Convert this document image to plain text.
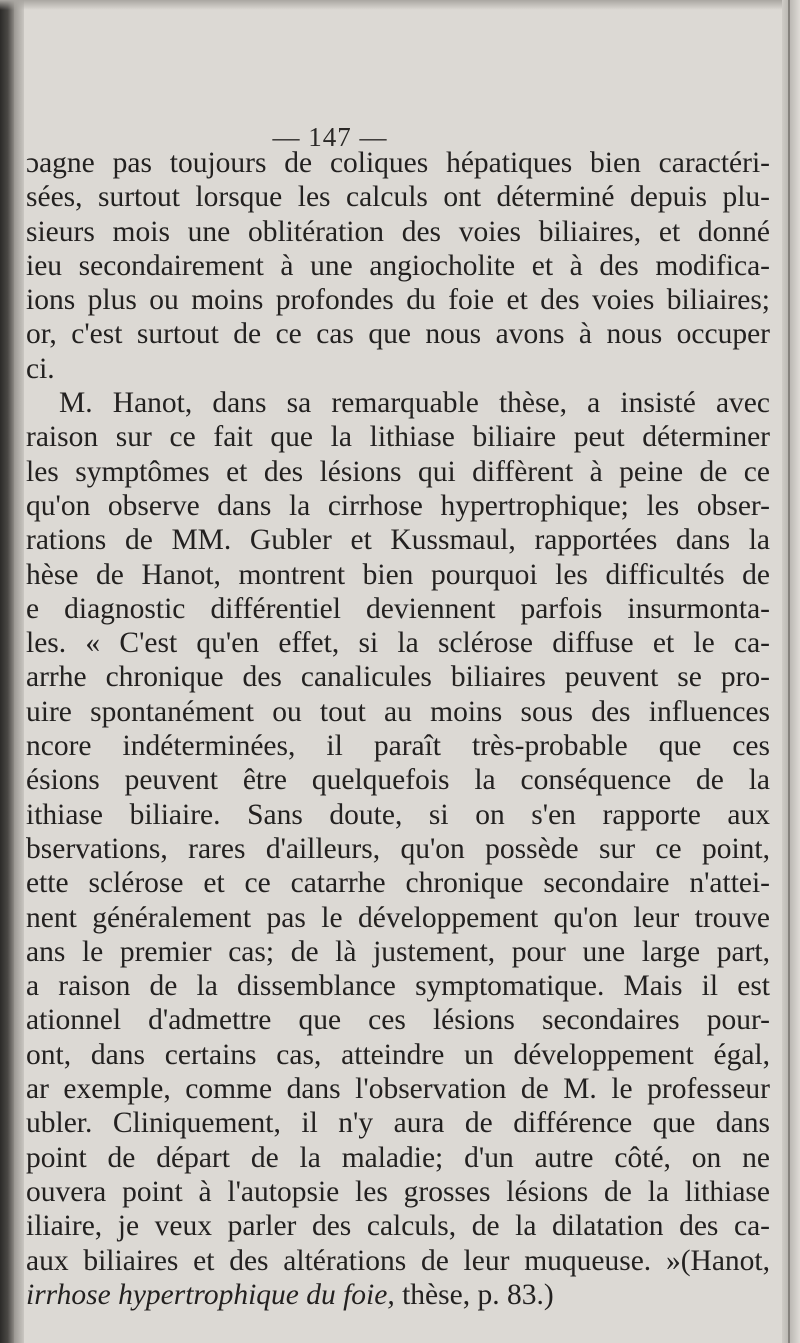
— 147 —
ɔagne pas toujours de coliques hépatiques bien caractéri-
sées, surtout lorsque les calculs ont déterminé depuis plu-
sieurs mois une oblitération des voies biliaires, et donné
ieu secondairement à une angiocholite et à des modifica-
ions plus ou moins profondes du foie et des voies biliaires;
or, c'est surtout de ce cas que nous avons à nous occuper
ci.
M. Hanot, dans sa remarquable thèse, a insisté avec
raison sur ce fait que la lithiase biliaire peut déterminer
les symptômes et des lésions qui diffèrent à peine de ce
qu'on observe dans la cirrhose hypertrophique; les obser-
rations de MM. Gubler et Kussmaul, rapportées dans la
hèse de Hanot, montrent bien pourquoi les difficultés de
e diagnostic différentiel deviennent parfois insurmonta-
les. « C'est qu'en effet, si la sclérose diffuse et le ca-
arrhe chronique des canalicules biliaires peuvent se pro-
uire spontanément ou tout au moins sous des influences
ncore indéterminées, il paraît très-probable que ces
ésions peuvent être quelquefois la conséquence de la
ithiase biliaire. Sans doute, si on s'en rapporte aux
bservations, rares d'ailleurs, qu'on possède sur ce point,
ette sclérose et ce catarrhe chronique secondaire n'attei-
nent généralement pas le développement qu'on leur trouve
ans le premier cas; de là justement, pour une large part,
a raison de la dissemblance symptomatique. Mais il est
ationnel d'admettre que ces lésions secondaires pour-
ont, dans certains cas, atteindre un développement égal,
ar exemple, comme dans l'observation de M. le professeur
ubler. Cliniquement, il n'y aura de différence que dans
point de départ de la maladie; d'un autre côté, on ne
ouvera point à l'autopsie les grosses lésions de la lithiase
iliaire, je veux parler des calculs, de la dilatation des ca-
aux biliaires et des altérations de leur muqueuse. »(Hanot,
irrhose hypertrophique du foie, thèse, p. 83.)
